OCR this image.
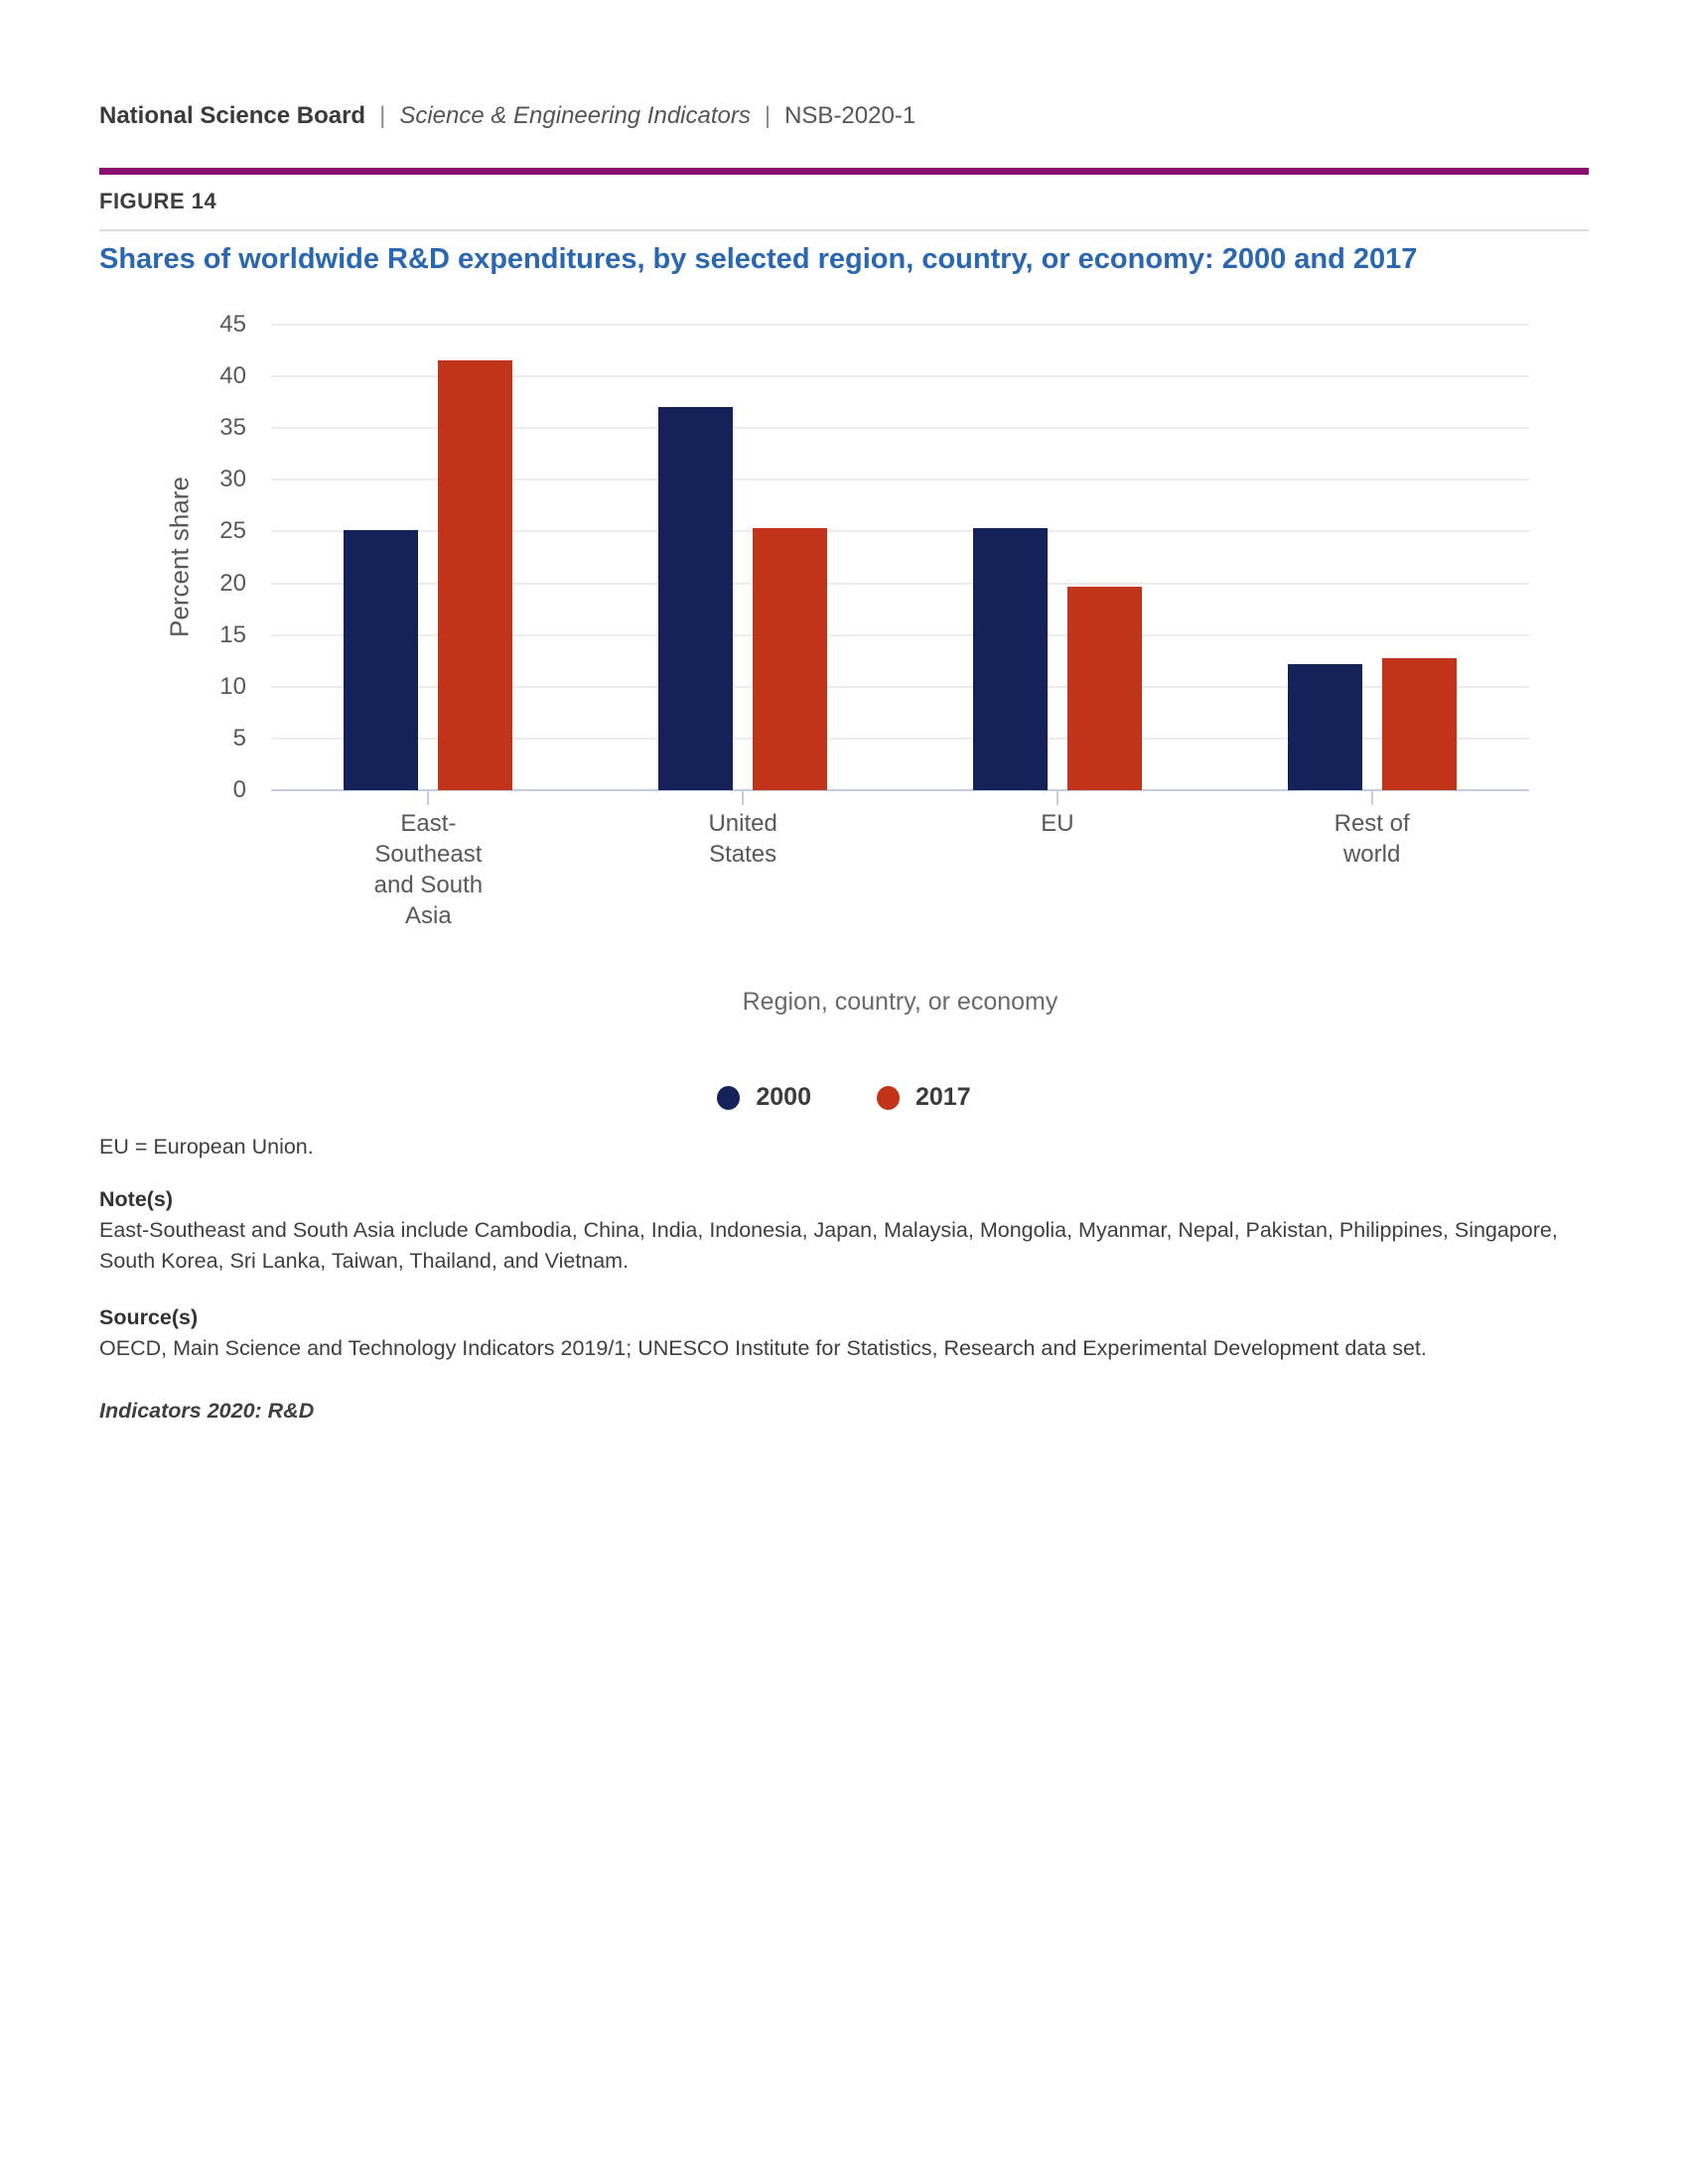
National Science Board | Science & Engineering Indicators | NSB-2020-1
FIGURE 14
Shares of worldwide R&D expenditures, by selected region, country, or economy: 2000 and 2017
0
5
10
15
20
25
30
35
40
45
Percent share
East-
Southeast
and South
Asia
United
States
EU	Rest of
world
Region, country, or economy
2000	2017

EU = European Union.

Note(s)

East-Southeast and South Asia include Cambodia, China, India, Indonesia, Japan, Malaysia, Mongolia, Myanmar, Nepal, Pakistan, Philippines, Singapore, South Korea, Sri Lanka, Taiwan, Thailand, and Vietnam.

Source(s)

OECD, Main Science and Technology Indicators 2019/1; UNESCO Institute for Statistics, Research and Experimental Development data set.

Indicators 2020: R&D
